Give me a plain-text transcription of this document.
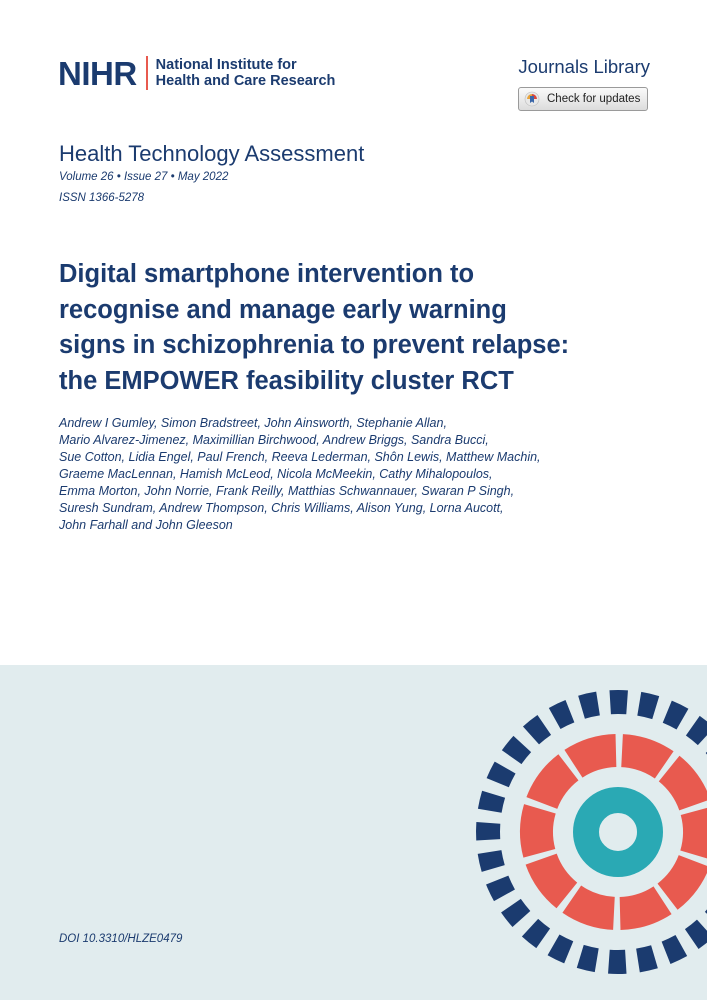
NIHR National Institute for
Health and Care Research
Journals Library
Check for updates
Health Technology Assessment
Volume 26 • Issue 27 • May 2022
ISSN 1366-5278
Digital smartphone intervention to
recognise and manage early warning
signs in schizophrenia to prevent relapse:
the EMPOWER feasibility cluster RCT
Andrew I Gumley, Simon Bradstreet, John Ainsworth, Stephanie Allan,
Mario Alvarez-Jimenez, Maximillian Birchwood, Andrew Briggs, Sandra Bucci,
Sue Cotton, Lidia Engel, Paul French, Reeva Lederman, Shôn Lewis, Matthew Machin,
Graeme MacLennan, Hamish McLeod, Nicola McMeekin, Cathy Mihalopoulos,
Emma Morton, John Norrie, Frank Reilly, Matthias Schwannauer, Swaran P Singh,
Suresh Sundram, Andrew Thompson, Chris Williams, Alison Yung, Lorna Aucott,
John Farhall and John Gleeson
DOI 10.3310/HLZE0479
